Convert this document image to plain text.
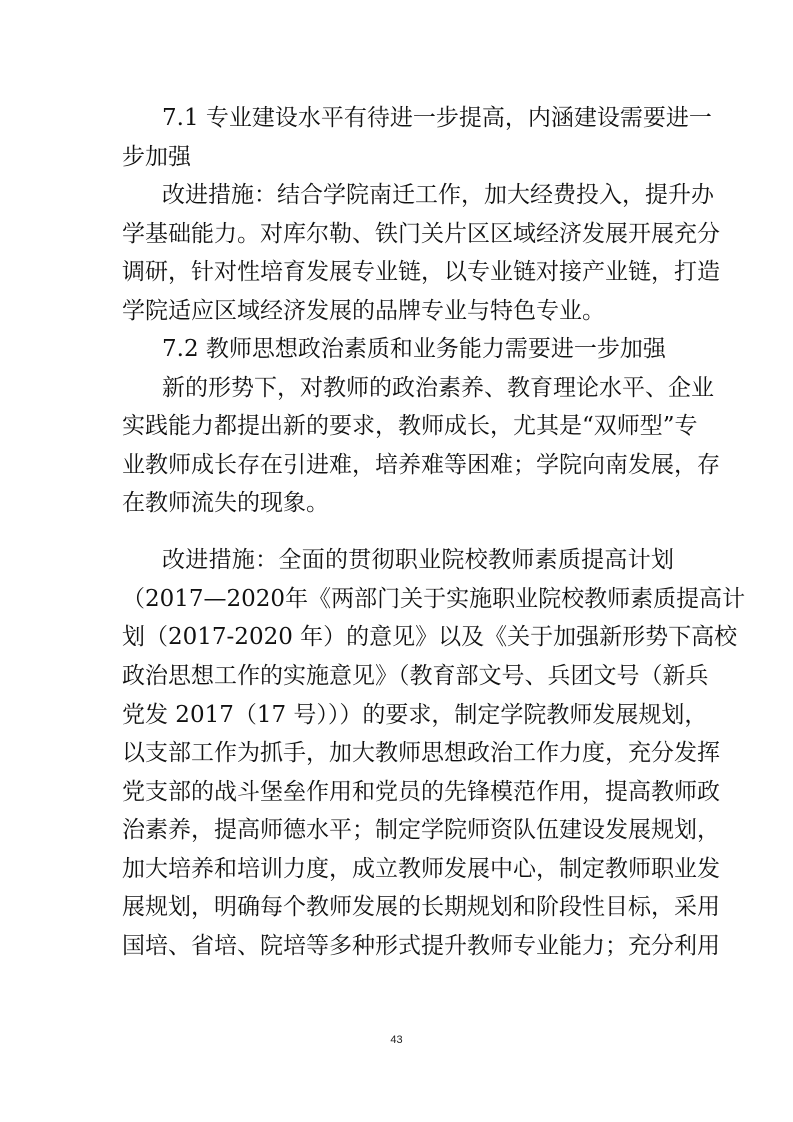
7.1 专业建设水平有待进一步提高，内涵建设需要进一
步加强
改进措施：结合学院南迁工作，加大经费投入，提升办
学基础能力。对库尔勒、铁门关片区区域经济发展开展充分
调研，针对性培育发展专业链，以专业链对接产业链，打造
学院适应区域经济发展的品牌专业与特色专业。
7.2 教师思想政治素质和业务能力需要进一步加强
新的形势下，对教师的政治素养、教育理论水平、企业
实践能力都提出新的要求，教师成长，尤其是“双师型”专
业教师成长存在引进难，培养难等困难；学院向南发展，存
在教师流失的现象。
改进措施：全面的贯彻职业院校教师素质提高计划
（2017—2020年《两部门关于实施职业院校教师素质提高计
划（2017-2020 年）的意见》以及《关于加强新形势下高校
政治思想工作的实施意见》（教育部文号、兵团文号（新兵
党发 2017（17 号）））的要求，制定学院教师发展规划，
以支部工作为抓手，加大教师思想政治工作力度，充分发挥
党支部的战斗堡垒作用和党员的先锋模范作用，提高教师政
治素养，提高师德水平；制定学院师资队伍建设发展规划，
加大培养和培训力度，成立教师发展中心，制定教师职业发
展规划，明确每个教师发展的长期规划和阶段性目标，采用
国培、省培、院培等多种形式提升教师专业能力；充分利用
43
